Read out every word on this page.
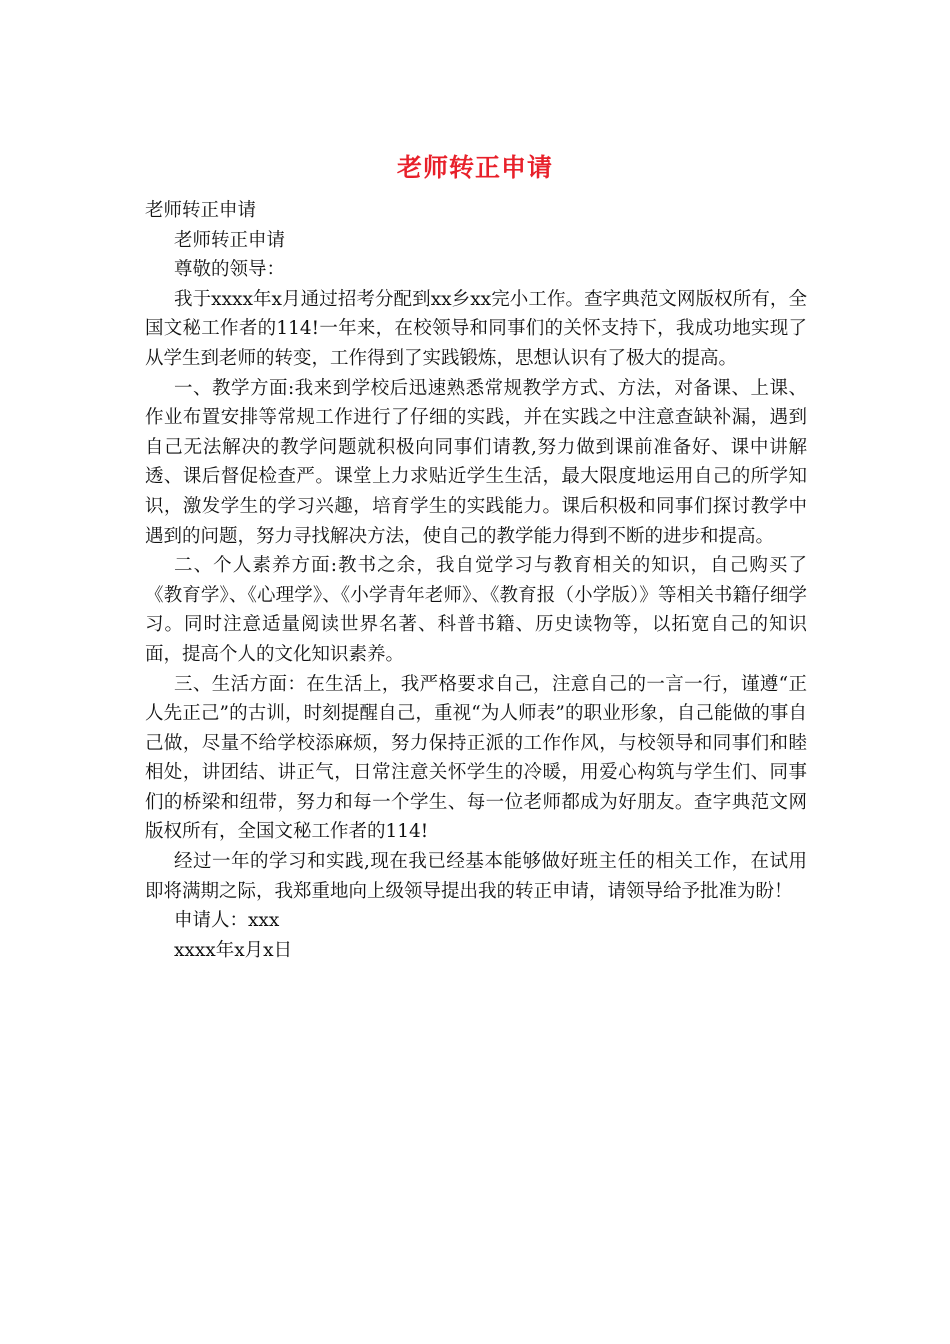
老师转正申请

老师转正申请

老师转正申请

尊敬的领导：

我于xxxx年x月通过招考分配到xx乡xx完小工作。查字典范文网版权所有，全国文秘工作者的114!一年来，在校领导和同事们的关怀支持下，我成功地实现了从学生到老师的转变，工作得到了实践锻炼，思想认识有了极大的提高。

一、教学方面:我来到学校后迅速熟悉常规教学方式、方法，对备课、上课、作业布置安排等常规工作进行了仔细的实践，并在实践之中注意查缺补漏，遇到自己无法解决的教学问题就积极向同事们请教,努力做到课前准备好、课中讲解透、课后督促检查严。课堂上力求贴近学生生活，最大限度地运用自己的所学知识，激发学生的学习兴趣，培育学生的实践能力。课后积极和同事们探讨教学中遇到的问题，努力寻找解决方法，使自己的教学能力得到不断的进步和提高。

二、个人素养方面:教书之余，我自觉学习与教育相关的知识，自己购买了《教育学》、《心理学》、《小学青年老师》、《教育报（小学版）》等相关书籍仔细学习。同时注意适量阅读世界名著、科普书籍、历史读物等，以拓宽自己的知识面，提高个人的文化知识素养。

三、生活方面：在生活上，我严格要求自己，注意自己的一言一行，谨遵“正人先正己”的古训，时刻提醒自己，重视“为人师表”的职业形象，自己能做的事自己做，尽量不给学校添麻烦，努力保持正派的工作作风，与校领导和同事们和睦相处，讲团结、讲正气，日常注意关怀学生的冷暖，用爱心构筑与学生们、同事们的桥梁和纽带，努力和每一个学生、每一位老师都成为好朋友。查字典范文网版权所有，全国文秘工作者的114!

经过一年的学习和实践,现在我已经基本能够做好班主任的相关工作，在试用即将满期之际，我郑重地向上级领导提出我的转正申请，请领导给予批准为盼！

申请人：xxx

xxxx年x月x日
